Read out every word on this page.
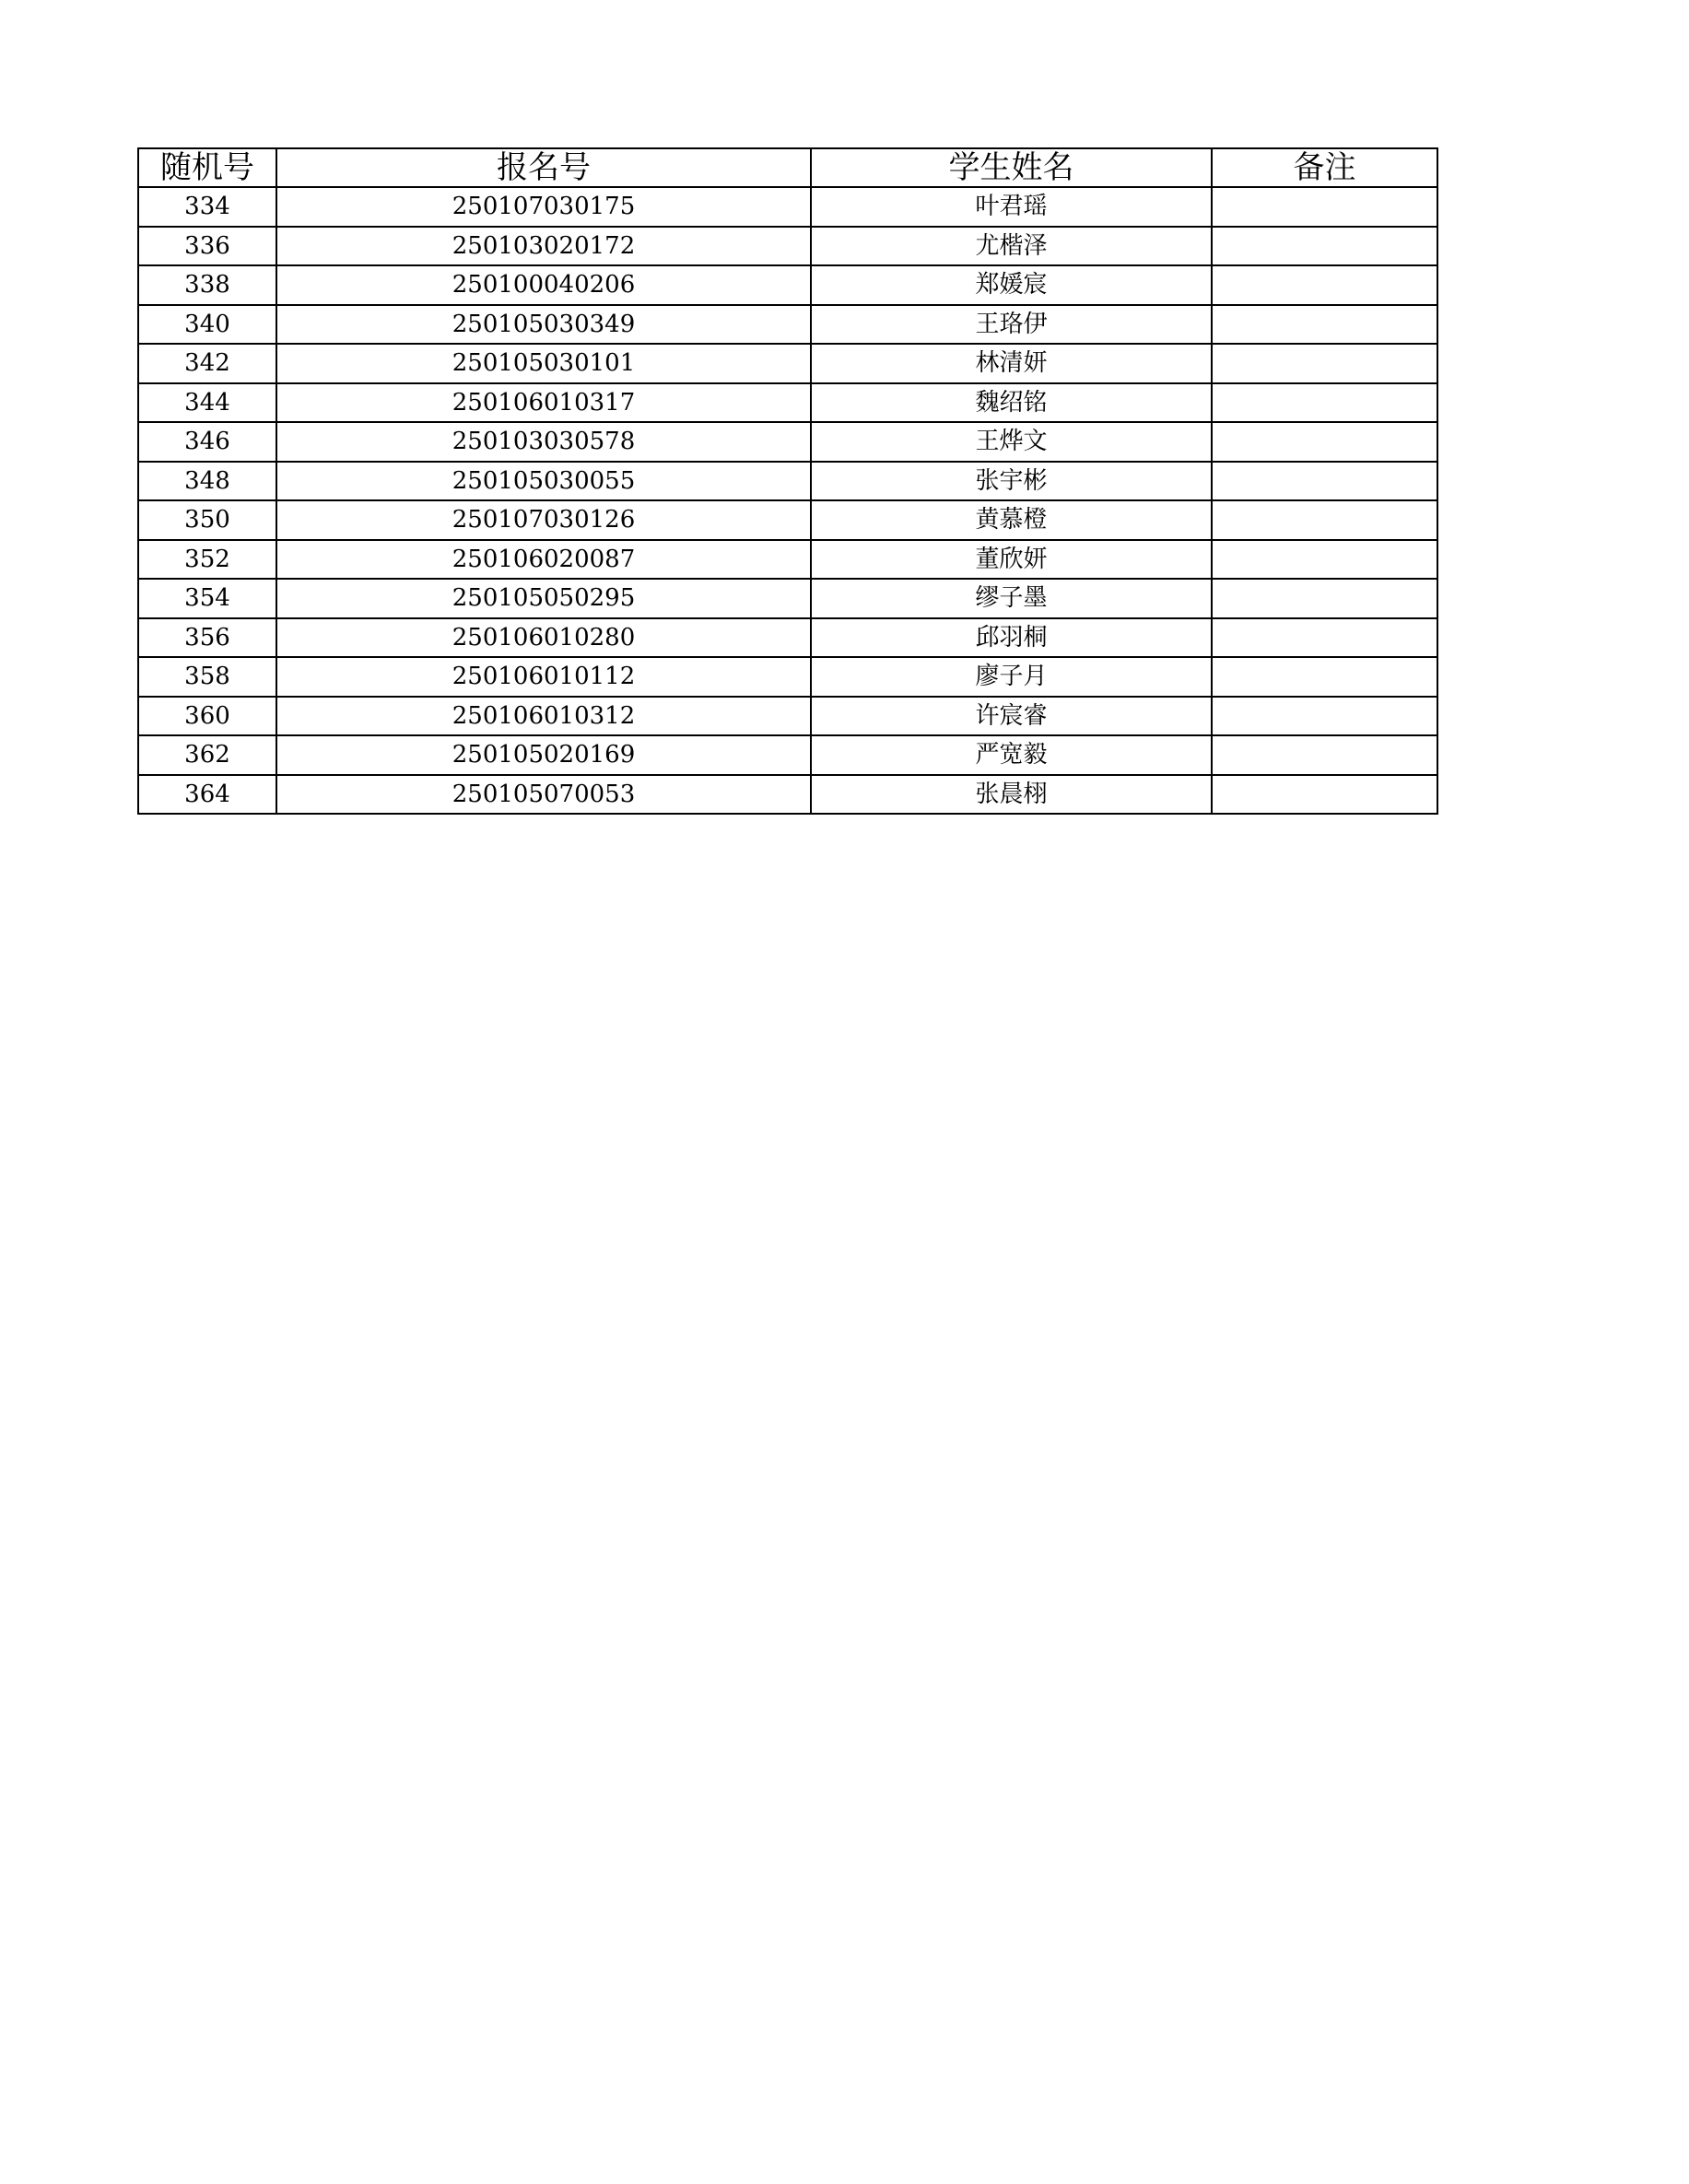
随机号	报名号	学生姓名	备注
334	250107030175	叶君瑶	
336	250103020172	尤楷泽	
338	250100040206	郑媛宸	
340	250105030349	王珞伊	
342	250105030101	林清妍	
344	250106010317	魏绍铭	
346	250103030578	王烨文	
348	250105030055	张宇彬	
350	250107030126	黄慕橙	
352	250106020087	董欣妍	
354	250105050295	缪子墨	
356	250106010280	邱羽桐	
358	250106010112	廖子月	
360	250106010312	许宸睿	
362	250105020169	严宽毅	
364	250105070053	张晨栩	
